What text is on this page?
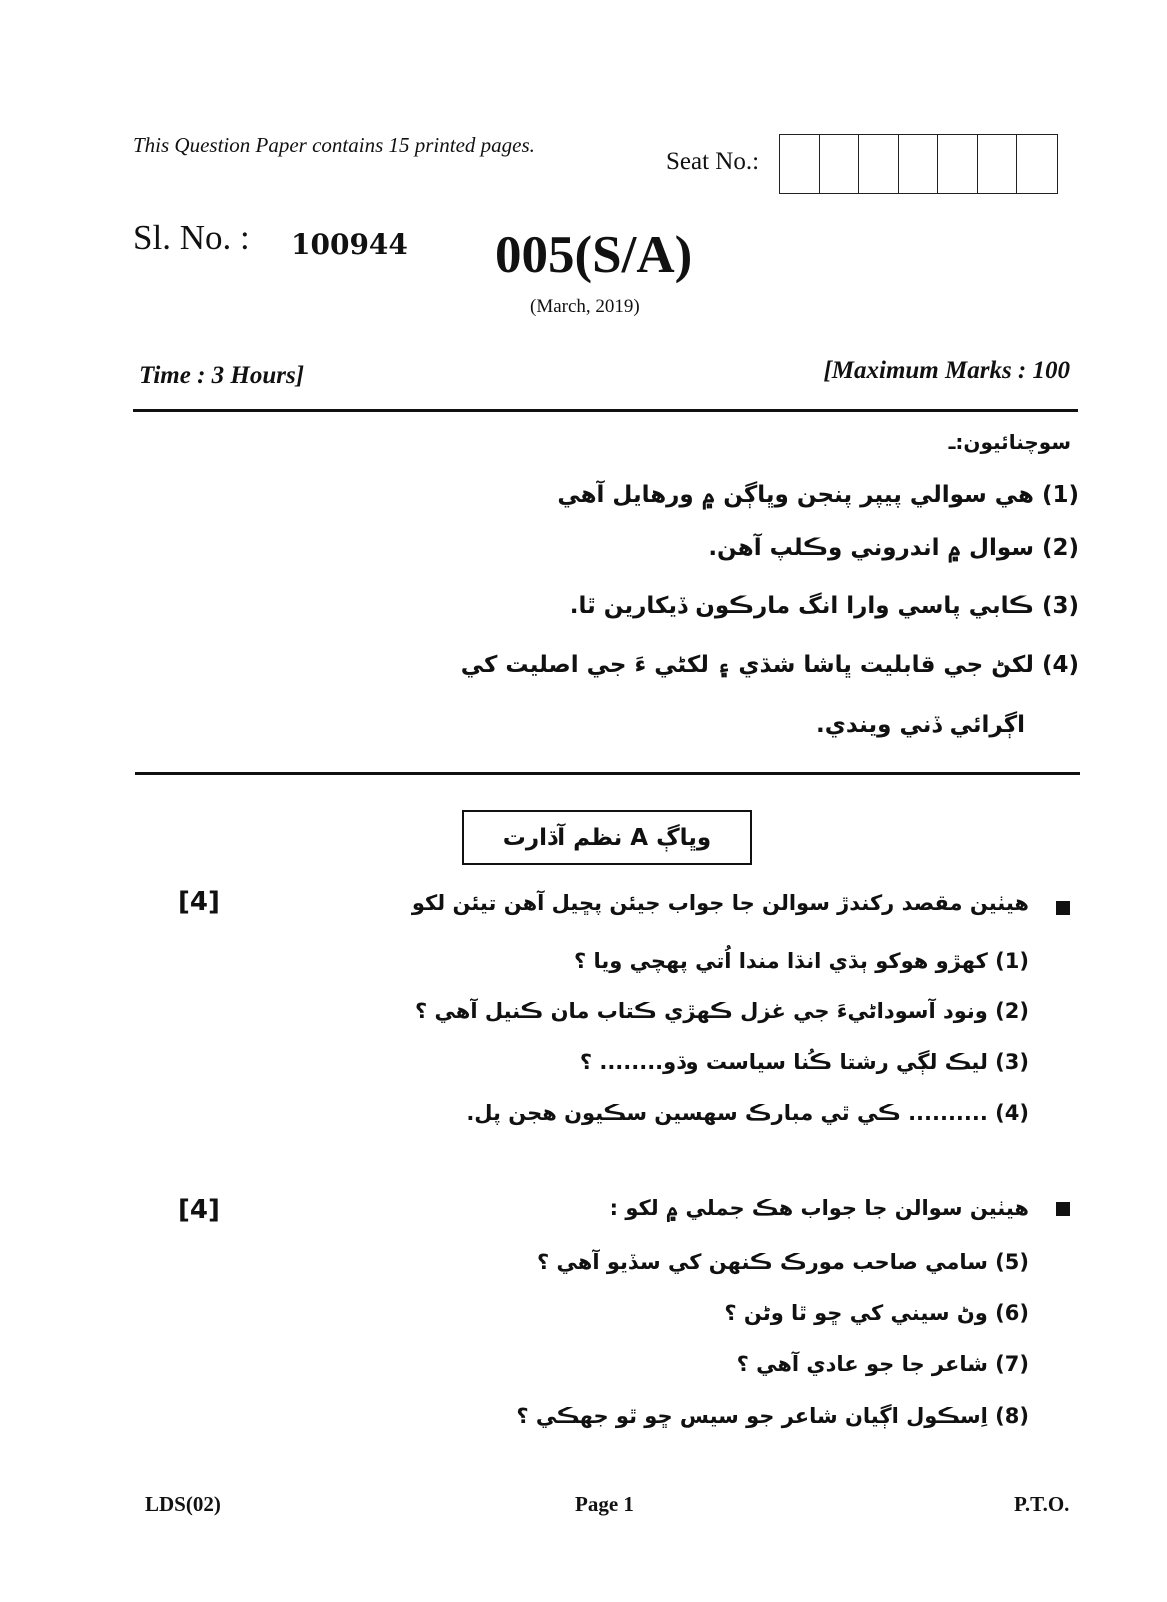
This Question Paper contains 15 printed pages.
Seat No.:
Sl. No. : 100944 005(S/A)
(March, 2019)
Time : 3 Hours]	[Maximum Marks : 100
سوچنائيون:ـ
(1) هي سوالي پيپر پنجن وڀاڳن ۾ ورهايل آهي
(2) سوال ۾ اندروني وڪلپ آهن.
(3) ڪابي پاسي وارا انگ مارڪون ڏيکارين ٿا.
(4) لکڻ جي قابليت ڀاشا شڌي ۽ لکڻي ءَ جي اصليت کي
اڳرائي ڏني ويندي.
وڀاڳ A نظم آڌارت
هيٺين مقصد رکندڙ سوالن جا جواب جيئن پڇيل آهن تيئن لکو
[4]
(1) کھڙو هوکو ٻڌي انڌا مندا اُتي پهچي ويا ؟
(2) ونود آسوداڻيءَ جي غزل ڪهڙي ڪتاب مان ڪنيل آهي ؟
(3) ليڪ لڳي رشتا ڪُنا سياست وڌو........ ؟
(4) .......... ڪي ٿي مبارڪ سهسين سڪيون هجن پل.
هيٺين سوالن جا جواب هڪ جملي ۾ لکو :
[4]
(5) سامي صاحب مورڪ ڪنهن کي سڏيو آهي ؟
(6) وڻ سيني کي ڇو ٿا وڻن ؟
(7) شاعر جا جو عادي آهي ؟
(8) اِسڪول اڳيان شاعر جو سيس ڇو ٿو جهڪي ؟
LDS(02)	Page 1	P.T.O.
